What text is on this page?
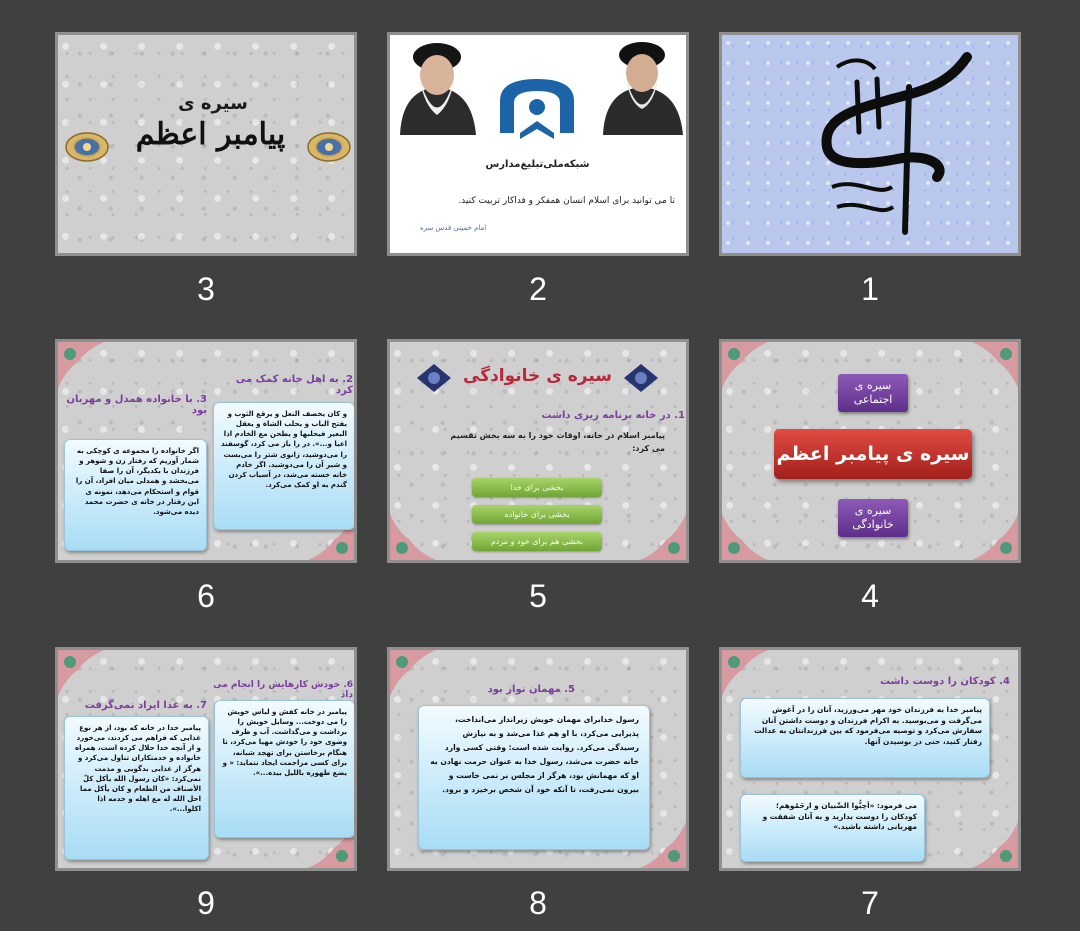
سیره ی
پیامبر اعظم
3
شبکه‌ملی‌تبلیغ‌مدارس
تا می توانید برای اسلام انسان همفکر و فداکار تربیت کنید.
امام خمینی قدس سره
2	1
2. به اهل خانه کمک می کرد
3. با خانواده همدل و مهربان بود	و کان یخصف النعل و یرقع الثوب و یفتح الباب و یحلب الشاة و یعقل البعیر فیحلبها و یطحن مع الخادم اذا اعیا و...». در را باز می کرد، گوسفند را می‌دوشید، زانوی شتر را می‌بست و شیر آن را می‌دوشید. اگر خادم خانه خسته می‌شد، در آسیاب کردن گندم به او کمک می‌کرد.
اگر خانواده را مجموعه ی کوچکی به شمار آوریم که رفتار زن و شوهر و فرزندان با یکدیگر، آن را صفا می‌بخشد و همدلی میان افراد، آن را قوام و استحکام می‌دهد، نمونه ی این رفتار در خانه ی حضرت محمد دیده می‌شود.
6
سیره ی خانوادگی
1. در خانه برنامه ریزی داشت
پیامبر اسلام در خانه، اوقات خود را به سه بخش تقسیم می کرد:
بخشی برای خدا
بخشی برای خانواده
بخشی هم برای خود و مردم
5
سیره ی اجتماعی
سیره ی پیامبر اعظم
سیره ی خانوادگی
4
6. خودش کارهایش را انجام می داد
7. به غذا ایراد نمی‌گرفت
پیامبر در خانه کفش و لباس خویش را می دوخت... وسایل خویش را برداشت و می‌گذاشت. آب و ظرف وضوی خود را خودش مهیا می‌کرد، تا هنگام برخاستن برای تهجد شبانه، برای کسی مزاحمت ایجاد ننماید: « و یضع طهوره باللیل بیده...».
پیامبر خدا در خانه که بود، از هر نوع غذایی که فراهم می کردند، می‌خورد و از آنچه خدا حلال کرده است، همراه خانواده و خدمتکاران تناول می‌کرد و هرگز از غذایی بدگویی و مذمت نمی‌کرد: «کان رسول الله یأکل کلّ الأصناف من الطعام و کان یأکل مما احل الله له مع اهله و خدمه اذا اکلوا...».
9
5. مهمان نواز بود
رسول خدابرای مهمان خویش زیرانداز می‌انداخت، پذیرایی می‌کرد، با او هم غذا می‌شد و به نیازش رسیدگی می‌کرد. روایت شده است: وقتی کسی وارد خانه حضرت می‌شد، رسول خدا به عنوان حرمت نهادن به او که مهمانش بود، هرگز از مجلس بر نمی خاست و بیرون نمی‌رفت، تا آنکه خود آن شخص برخیزد و برود.
8
4. کودکان را دوست داشت
پیامبر خدا به فرزندان خود مهر می‌ورزید، آنان را در آغوش می‌گرفت و می‌بوسید. به اکرام فرزندان و دوست داشتن آنان سفارش می‌کرد و توصیه می‌فرمود که بین فرزندانتان به عدالت رفتار کنید، حتی در بوسیدن آنها.
می فرمود: «اَحِبُّوا الصِّبیان و ارحَمُوهم؛ کودکان را دوست بدارید و به آنان شفقت و مهربانی داشته باشید.»
7
